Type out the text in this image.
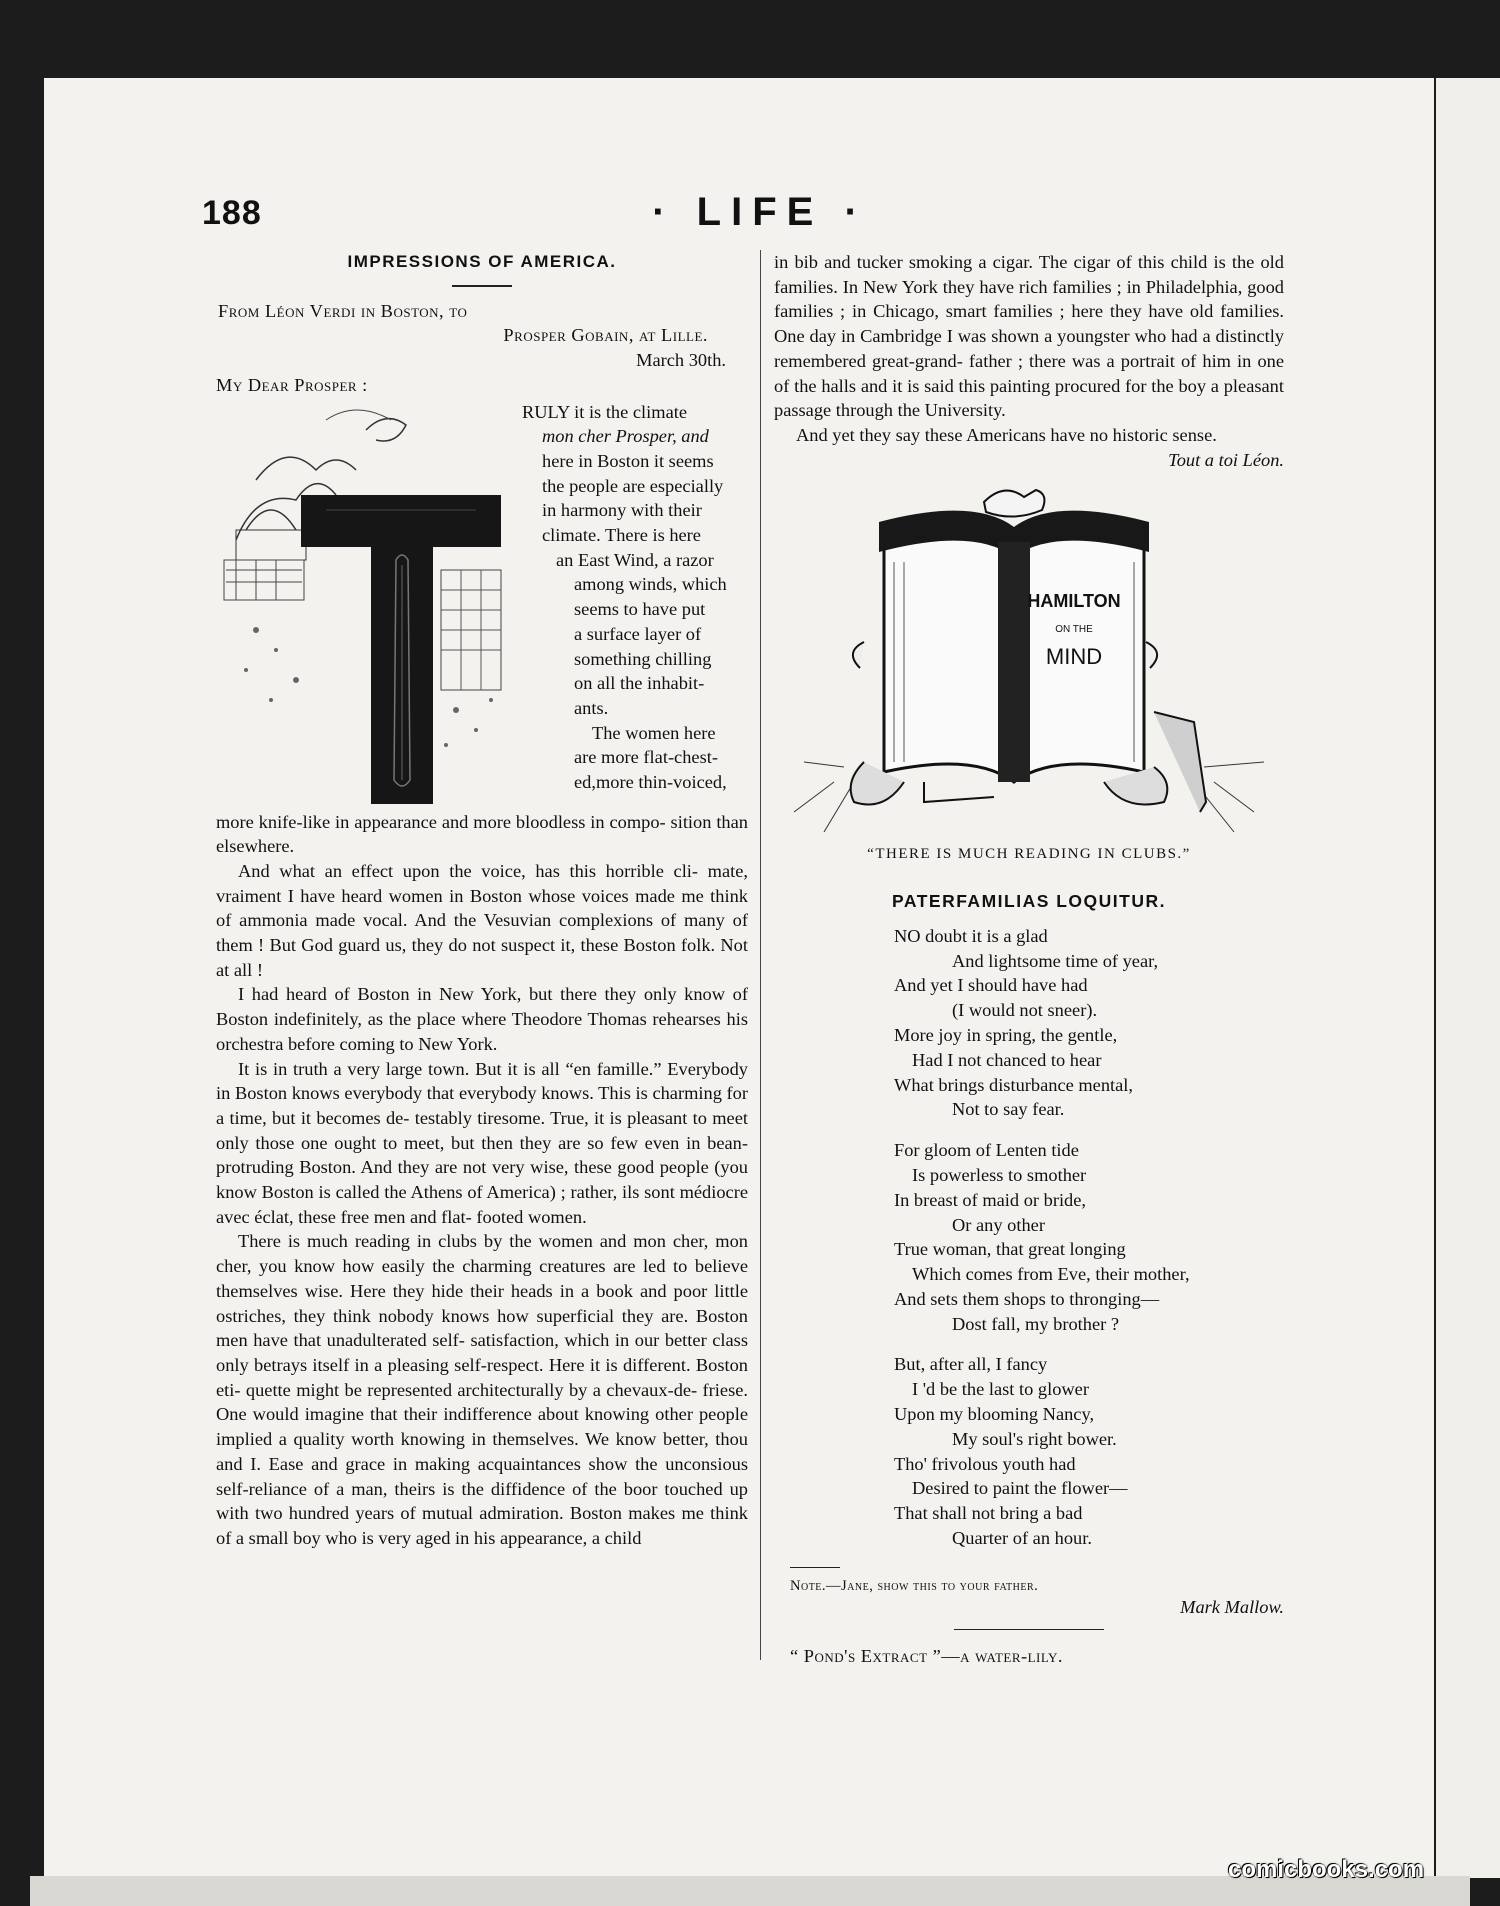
188	· LIFE ·
IMPRESSIONS OF AMERICA.

From Léon Verdi in Boston, to

Prosper Gobain, at Lille.

March 30th.

My Dear Prosper :

RULY it is the climate
mon cher Prosper, and
here in Boston it seems
the people are especially
in harmony with their
climate. There is here
an East Wind, a razor
among winds, which
seems to have put
a surface layer of
something chilling
on all the inhabit-
ants.
The women here
are more flat-chest-
ed,more thin-voiced,

more knife-like in appearance and more bloodless in compo- sition than elsewhere.

And what an effect upon the voice, has this horrible cli- mate, vraiment I have heard women in Boston whose voices made me think of ammonia made vocal. And the Vesuvian complexions of many of them ! But God guard us, they do not suspect it, these Boston folk. Not at all !

I had heard of Boston in New York, but there they only know of Boston indefinitely, as the place where Theodore Thomas rehearses his orchestra before coming to New York.

It is in truth a very large town. But it is all “en famille.” Everybody in Boston knows everybody that everybody knows. This is charming for a time, but it becomes de- testably tiresome. True, it is pleasant to meet only those one ought to meet, but then they are so few even in bean- protruding Boston. And they are not very wise, these good people (you know Boston is called the Athens of America) ; rather, ils sont médiocre avec éclat, these free men and flat- footed women.

There is much reading in clubs by the women and mon cher, mon cher, you know how easily the charming creatures are led to believe themselves wise. Here they hide their heads in a book and poor little ostriches, they think nobody knows how superficial they are. Boston men have that unadulterated self- satisfaction, which in our better class only betrays itself in a pleasing self-respect. Here it is different. Boston eti- quette might be represented architecturally by a chevaux-de- friese. One would imagine that their indifference about knowing other people implied a quality worth knowing in themselves. We know better, thou and I. Ease and grace in making acquaintances show the unconsious self-reliance of a man, theirs is the diffidence of the boor touched up with two hundred years of mutual admiration. Boston makes me think of a small boy who is very aged in his appearance, a child

in bib and tucker smoking a cigar. The cigar of this child is the old families. In New York they have rich families ; in Philadelphia, good families ; in Chicago, smart families ; here they have old families. One day in Cambridge I was shown a youngster who had a distinctly remembered great-grand- father ; there was a portrait of him in one of the halls and it is said this painting procured for the boy a pleasant passage through the University.

And yet they say these Americans have no historic sense.

Tout a toi Léon.

HAMILTON
ON THE
MIND
“THERE IS MUCH READING IN CLUBS.”
PATERFAMILIAS LOQUITUR.
NO doubt it is a glad
And lightsome time of year,
And yet I should have had
(I would not sneer).
More joy in spring, the gentle,
Had I not chanced to hear
What brings disturbance mental,
Not to say fear.
For gloom of Lenten tide
Is powerless to smother
In breast of maid or bride,
Or any other
True woman, that great longing
Which comes from Eve, their mother,
And sets them shops to thronging—
Dost fall, my brother ?
But, after all, I fancy
I 'd be the last to glower
Upon my blooming Nancy,
My soul's right bower.
Tho' frivolous youth had
Desired to paint the flower—
That shall not bring a bad
Quarter of an hour.

Note.—Jane, show this to your father.

Mark Mallow.

“ Pond's Extract ”—a water-lily.

comicbooks.com
